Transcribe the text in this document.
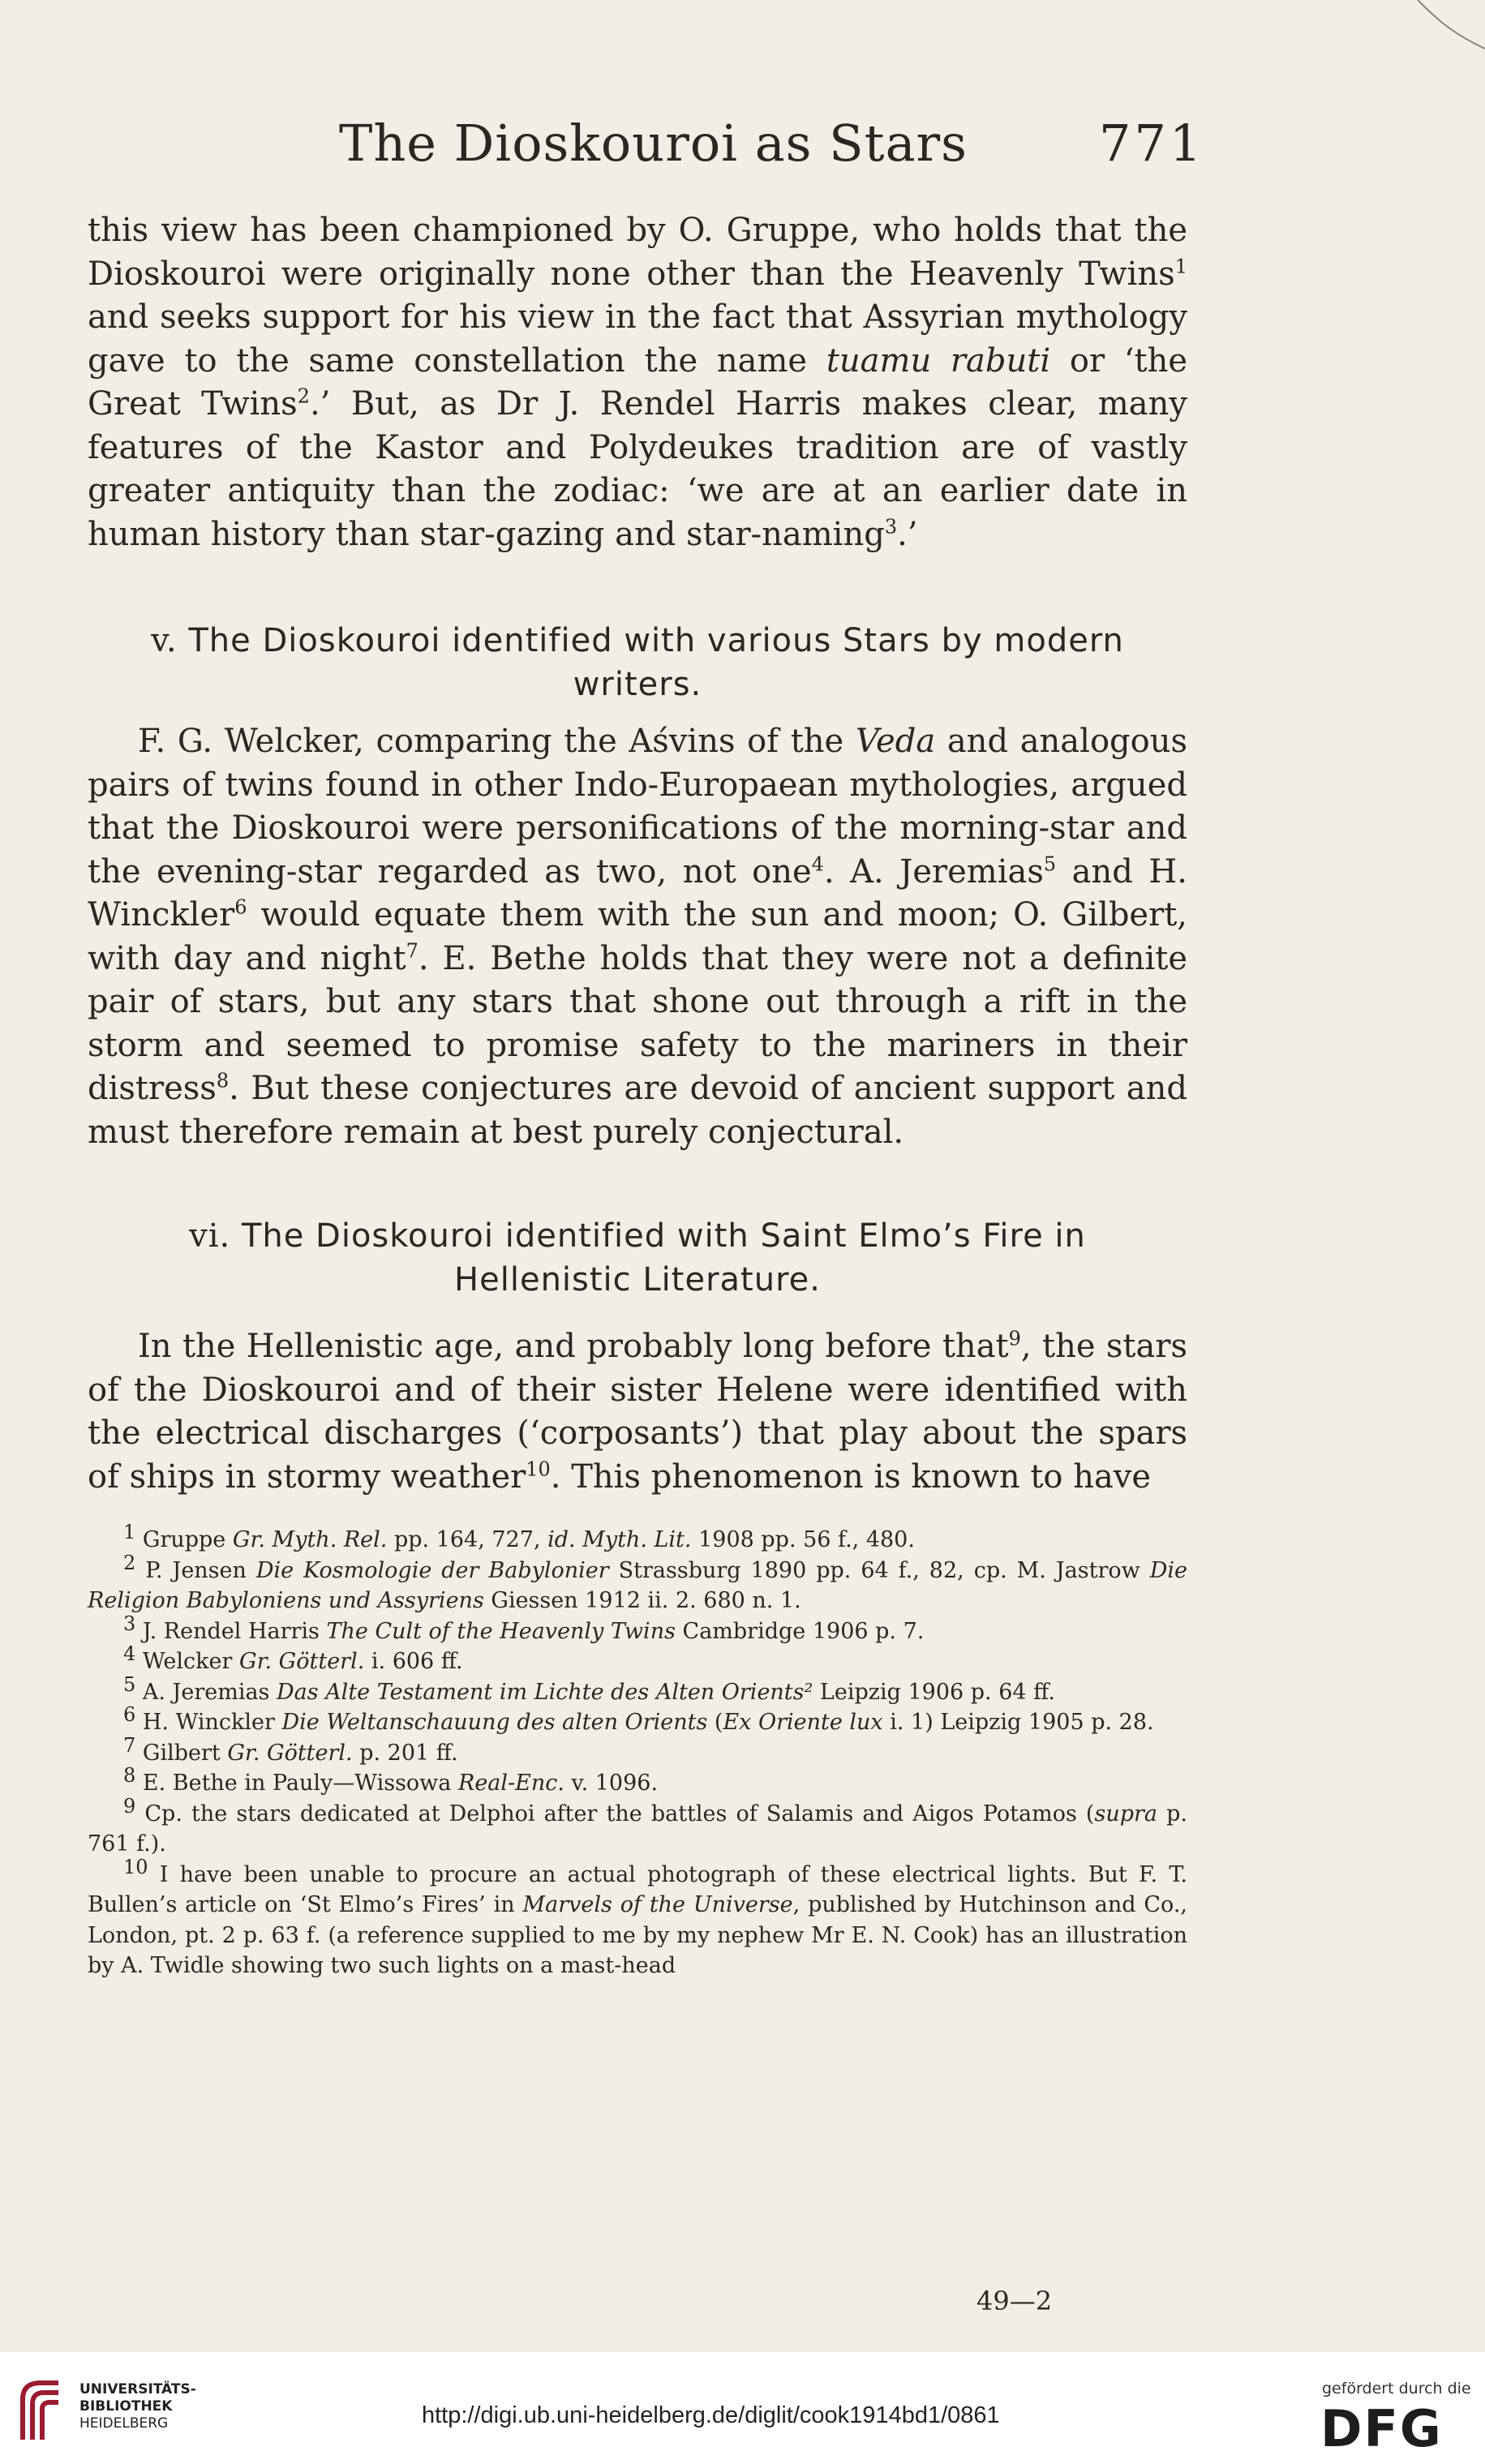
The Dioskouroi as Stars	771

this view has been championed by O. Gruppe, who holds that the Dioskouroi were originally none other than the Heavenly Twins$^1$ and seeks support for his view in the fact that Assyrian mythology gave to the same constellation the name tuamu rabuti or ‘the Great Twins$^2$.’ But, as Dr J. Rendel Harris makes clear, many features of the Kastor and Polydeukes tradition are of vastly greater antiquity than the zodiac: ‘we are at an earlier date in human history than star-gazing and star-naming$^3$.’

v. The Dioskouroi identified with various Stars by modern
writers.

F. G. Welcker, comparing the Aśvins of the Veda and analogous pairs of twins found in other Indo-Europaean mythologies, argued that the Dioskouroi were personifications of the morning-star and the evening-star regarded as two, not one$^4$. A. Jeremias$^5$ and H. Winckler$^6$ would equate them with the sun and moon; O. Gilbert, with day and night$^7$. E. Bethe holds that they were not a definite pair of stars, but any stars that shone out through a rift in the storm and seemed to promise safety to the mariners in their distress$^8$. But these conjectures are devoid of ancient support and must therefore remain at best purely conjectural.

vi. The Dioskouroi identified with Saint Elmo’s Fire in
Hellenistic Literature.

In the Hellenistic age, and probably long before that$^9$, the stars of the Dioskouroi and of their sister Helene were identified with the electrical discharges (‘corposants’) that play about the spars of ships in stormy weather$^{10}$. This phenomenon is known to have

$^1$ Gruppe Gr. Myth. Rel. pp. 164, 727, id. Myth. Lit. 1908 pp. 56 f., 480.

$^2$ P. Jensen Die Kosmologie der Babylonier Strassburg 1890 pp. 64 f., 82, cp. M. Jastrow Die Religion Babyloniens und Assyriens Giessen 1912 ii. 2. 680 n. 1.

$^3$ J. Rendel Harris The Cult of the Heavenly Twins Cambridge 1906 p. 7.

$^4$ Welcker Gr. Götterl. i. 606 ff.

$^5$ A. Jeremias Das Alte Testament im Lichte des Alten Orients² Leipzig 1906 p. 64 ff.

$^6$ H. Winckler Die Weltanschauung des alten Orients (Ex Oriente lux i. 1) Leipzig 1905 p. 28.

$^7$ Gilbert Gr. Götterl. p. 201 ff.

$^8$ E. Bethe in Pauly—Wissowa Real-Enc. v. 1096.

$^9$ Cp. the stars dedicated at Delphoi after the battles of Salamis and Aigos Potamos (supra p. 761 f.).

$^{10}$ I have been unable to procure an actual photograph of these electrical lights. But F. T. Bullen’s article on ‘St Elmo’s Fires’ in Marvels of the Universe, published by Hutchinson and Co., London, pt. 2 p. 63 f. (a reference supplied to me by my nephew Mr E. N. Cook) has an illustration by A. Twidle showing two such lights on a mast-head

49—2
UNIVERSITÄTS-
BIBLIOTHEK
HEIDELBERG	http://digi.ub.uni-heidelberg.de/diglit/cook1914bd1/0861
gefördert durch die
DFG
